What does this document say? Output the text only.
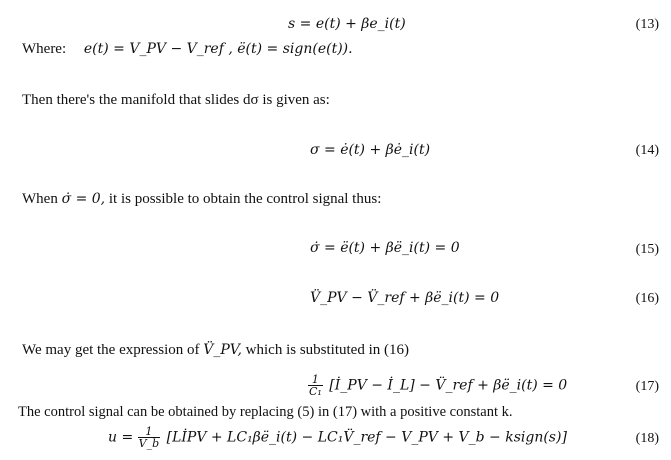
s = e(t) + βe_i(t)	(13)
Where: e(t) = V_PV − V_ref , ë(t) = sign(e(t)).
Then there's the manifold that slides dσ is given as:
σ = ė(t) + βė_i(t)	(14)
When σ̇ = 0, it is possible to obtain the control signal thus:
σ̇ = ë(t) + βë_i(t) = 0	(15)
V̈_PV − V̈_ref + βë_i(t) = 0	(16)
We may get the expression of V̈_PV, which is substituted in (16)
$\frac{1}{\text{C₁}}$ [İ_PV − İ_L] − V̈_ref + βë_i(t) = 0	(17)
The control signal can be obtained by replacing (5) in (17) with a positive constant k.
$u = \frac{1}{V\_b}$ [LİPV + LC₁βë_i(t) − LC₁V̈_ref − V_PV + V_b − ksign(s)]	(18)
